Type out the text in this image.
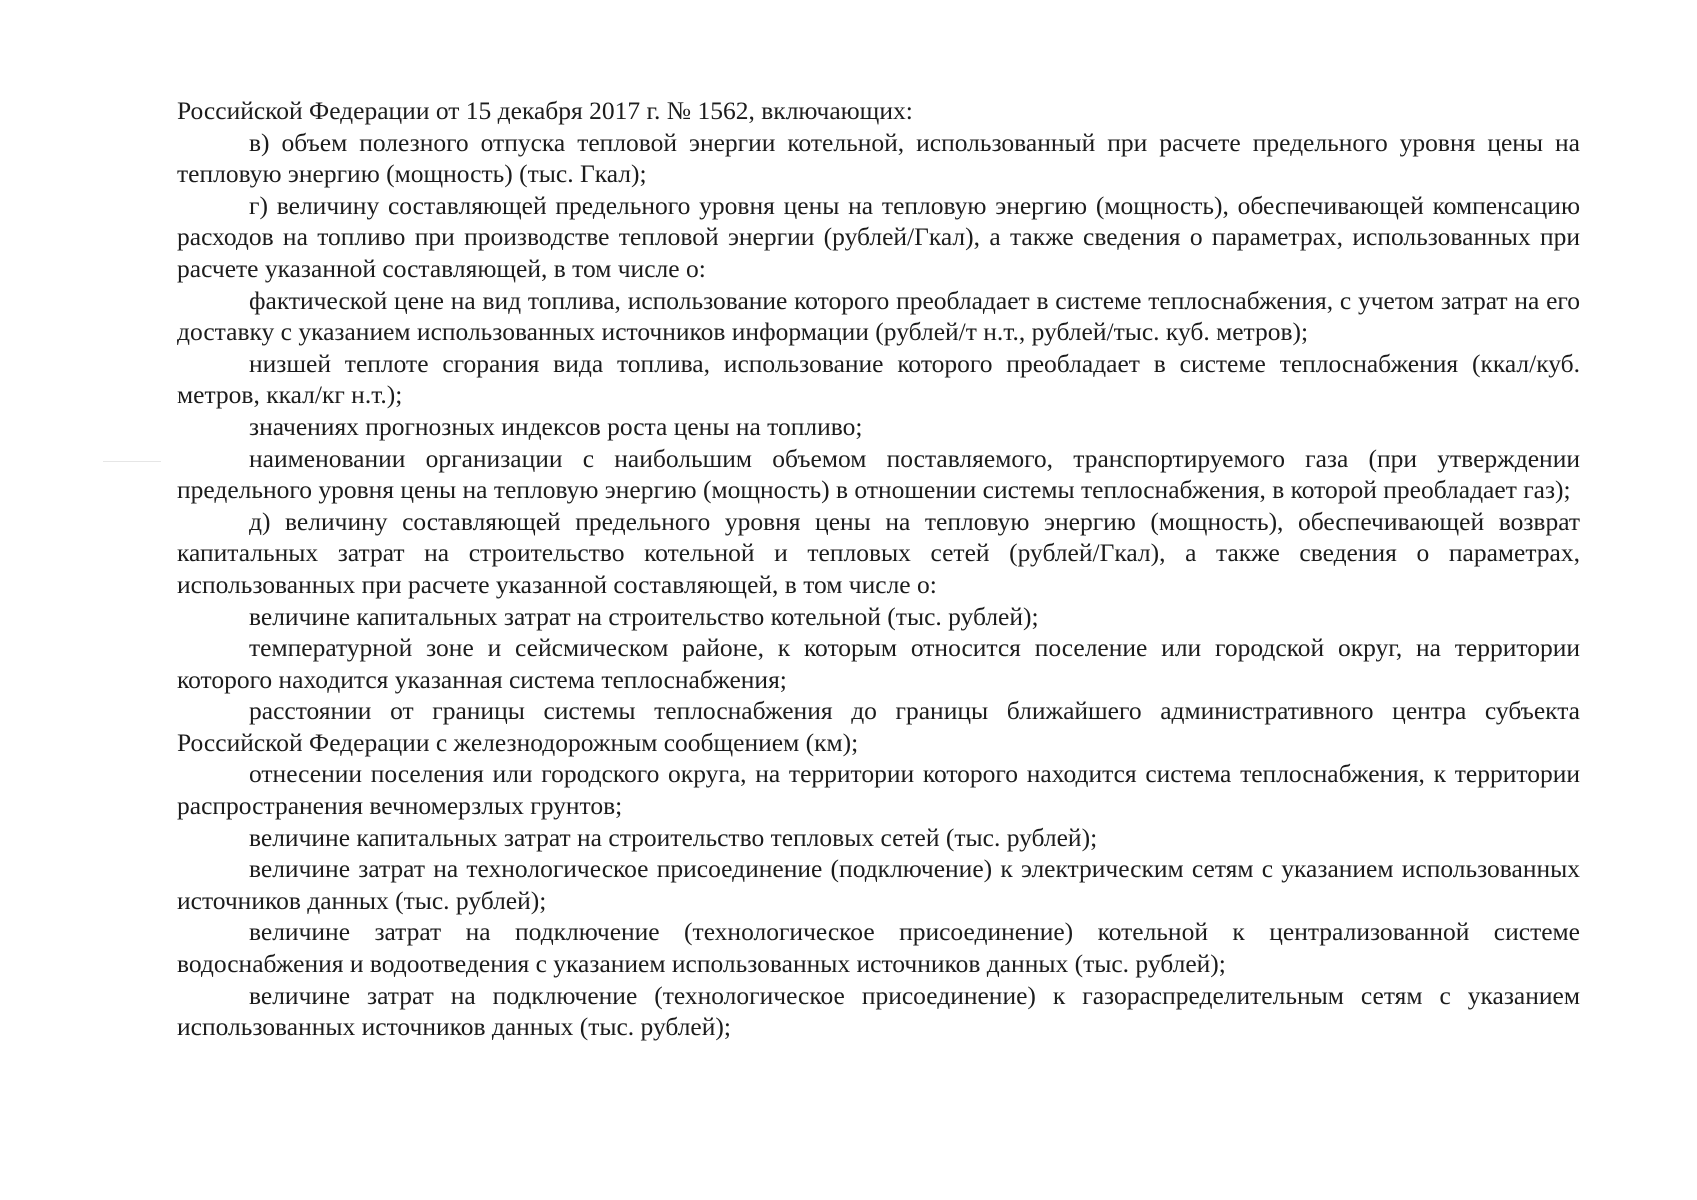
Российской Федерации от 15 декабря 2017 г. № 1562, включающих:

в) объем полезного отпуска тепловой энергии котельной, использованный при расчете предельного уровня цены на тепловую энергию (мощность) (тыс. Гкал);

г) величину составляющей предельного уровня цены на тепловую энергию (мощность), обеспечивающей компенсацию расходов на топливо при производстве тепловой энергии (рублей/Гкал), а также сведения о параметрах, использованных при расчете указанной составляющей, в том числе о:

фактической цене на вид топлива, использование которого преобладает в системе теплоснабжения, с учетом затрат на его доставку с указанием использованных источников информации (рублей/т н.т., рублей/тыс. куб. метров);

низшей теплоте сгорания вида топлива, использование которого преобладает в системе теплоснабжения (ккал/куб. метров, ккал/кг н.т.);

значениях прогнозных индексов роста цены на топливо;

наименовании организации с наибольшим объемом поставляемого, транспортируемого газа (при утверждении предельного уровня цены на тепловую энергию (мощность) в отношении системы теплоснабжения, в которой преобладает газ);

д) величину составляющей предельного уровня цены на тепловую энергию (мощность), обеспечивающей возврат капитальных затрат на строительство котельной и тепловых сетей (рублей/Гкал), а также сведения о параметрах, использованных при расчете указанной составляющей, в том числе о:

величине капитальных затрат на строительство котельной (тыс. рублей);

температурной зоне и сейсмическом районе, к которым относится поселение или городской округ, на территории которого находится указанная система теплоснабжения;

расстоянии от границы системы теплоснабжения до границы ближайшего административного центра субъекта Российской Федерации с железнодорожным сообщением (км);

отнесении поселения или городского округа, на территории которого находится система теплоснабжения, к территории распространения вечномерзлых грунтов;

величине капитальных затрат на строительство тепловых сетей (тыс. рублей);

величине затрат на технологическое присоединение (подключение) к электрическим сетям с указанием использованных источников данных (тыс. рублей);

величине затрат на подключение (технологическое присоединение) котельной к централизованной системе водоснабжения и водоотведения с указанием использованных источников данных (тыс. рублей);

величине затрат на подключение (технологическое присоединение) к газораспределительным сетям с указанием использованных источников данных (тыс. рублей);
